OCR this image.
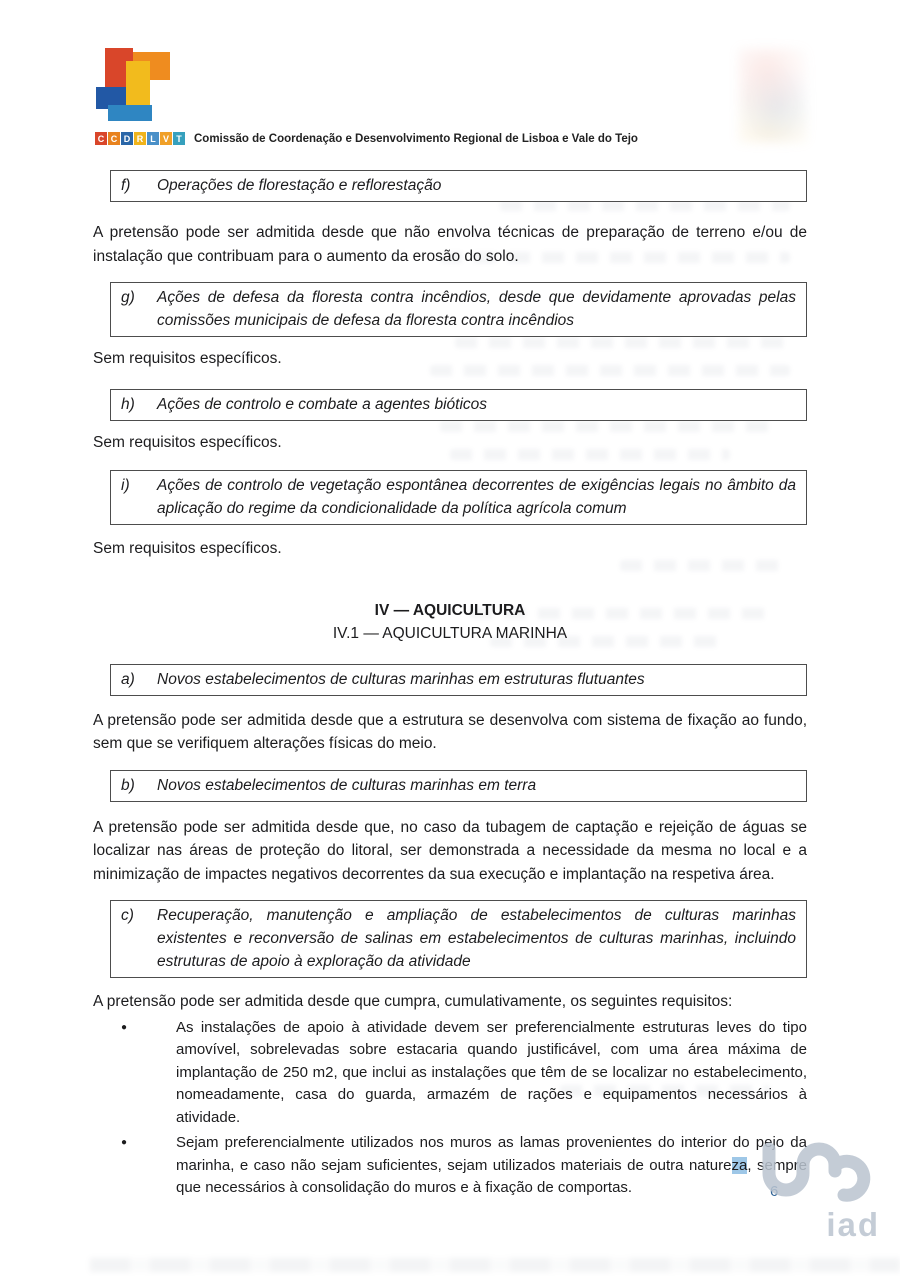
C C D R L V T Comissão de Coordenação e Desenvolvimento Regional de Lisboa e Vale do Tejo
f)	Operações de florestação e reflorestação

A pretensão pode ser admitida desde que não envolva técnicas de preparação de terreno e/ou de instalação que contribuam para o aumento da erosão do solo.

g)	Ações de defesa da floresta contra incêndios, desde que devidamente aprovadas pelas comissões municipais de defesa da floresta contra incêndios

Sem requisitos específicos.

h)	Ações de controlo e combate a agentes bióticos

Sem requisitos específicos.

i)	Ações de controlo de vegetação espontânea decorrentes de exigências legais no âmbito da aplicação do regime da condicionalidade da política agrícola comum

Sem requisitos específicos.

IV — AQUICULTURA
IV.1 — AQUICULTURA MARINHA
a)	Novos estabelecimentos de culturas marinhas em estruturas flutuantes

A pretensão pode ser admitida desde que a estrutura se desenvolva com sistema de fixação ao fundo, sem que se verifiquem alterações físicas do meio.

b)	Novos estabelecimentos de culturas marinhas em terra

A pretensão pode ser admitida desde que, no caso da tubagem de captação e rejeição de águas se localizar nas áreas de proteção do litoral, ser demonstrada a necessidade da mesma no local e a minimização de impactes negativos decorrentes da sua execução e implantação na respetiva área.

c)	Recuperação, manutenção e ampliação de estabelecimentos de culturas marinhas existentes e reconversão de salinas em estabelecimentos de culturas marinhas, incluindo estruturas de apoio à exploração da atividade

A pretensão pode ser admitida desde que cumpra, cumulativamente, os seguintes requisitos:

●	As instalações de apoio à atividade devem ser preferencialmente estruturas leves do tipo amovível, sobrelevadas sobre estacaria quando justificável, com uma área máxima de implantação de 250 m2, que inclui as instalações que têm de se localizar no estabelecimento, nomeadamente, casa do guarda, armazém de rações e equipamentos necessários à atividade.
●	Sejam preferencialmente utilizados nos muros as lamas provenientes do interior do pejo da marinha, e caso não sejam suficientes, sejam utilizados materiais de outra natureza, sempre que necessários à consolidação do muros e à fixação de comportas.	6
iad
